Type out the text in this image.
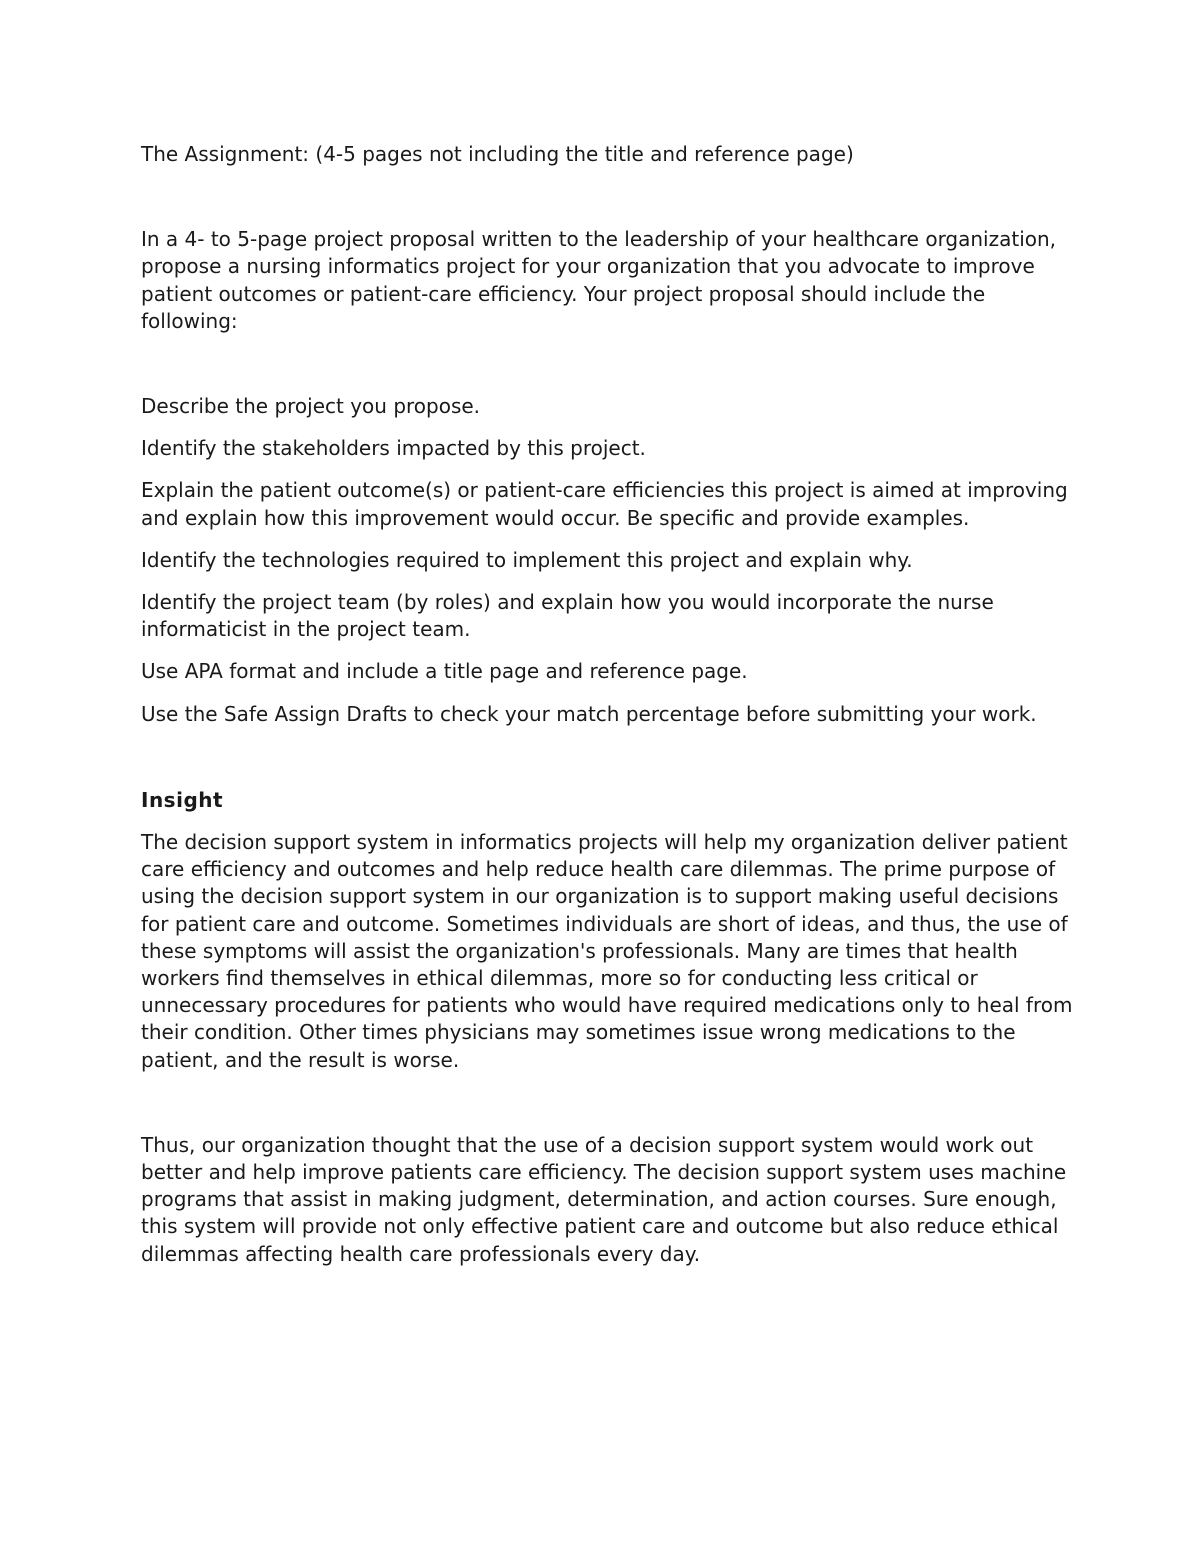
The Assignment: (4-5 pages not including the title and reference page)

In a 4- to 5-page project proposal written to the leadership of your healthcare organization, propose a nursing informatics project for your organization that you advocate to improve patient outcomes or patient-care efficiency. Your project proposal should include the following:

Describe the project you propose.
Identify the stakeholders impacted by this project.
Explain the patient outcome(s) or patient-care efficiencies this project is aimed at improving and explain how this improvement would occur. Be specific and provide examples.
Identify the technologies required to implement this project and explain why.
Identify the project team (by roles) and explain how you would incorporate the nurse informaticist in the project team.
Use APA format and include a title page and reference page.
Use the Safe Assign Drafts to check your match percentage before submitting your work.

Insight

The decision support system in informatics projects will help my organization deliver patient care efficiency and outcomes and help reduce health care dilemmas. The prime purpose of using the decision support system in our organization is to support making useful decisions for patient care and outcome. Sometimes individuals are short of ideas, and thus, the use of these symptoms will assist the organization's professionals. Many are times that health workers find themselves in ethical dilemmas, more so for conducting less critical or unnecessary procedures for patients who would have required medications only to heal from their condition. Other times physicians may sometimes issue wrong medications to the patient, and the result is worse.

Thus, our organization thought that the use of a decision support system would work out better and help improve patients care efficiency. The decision support system uses machine programs that assist in making judgment, determination, and action courses. Sure enough, this system will provide not only effective patient care and outcome but also reduce ethical dilemmas affecting health care professionals every day.
